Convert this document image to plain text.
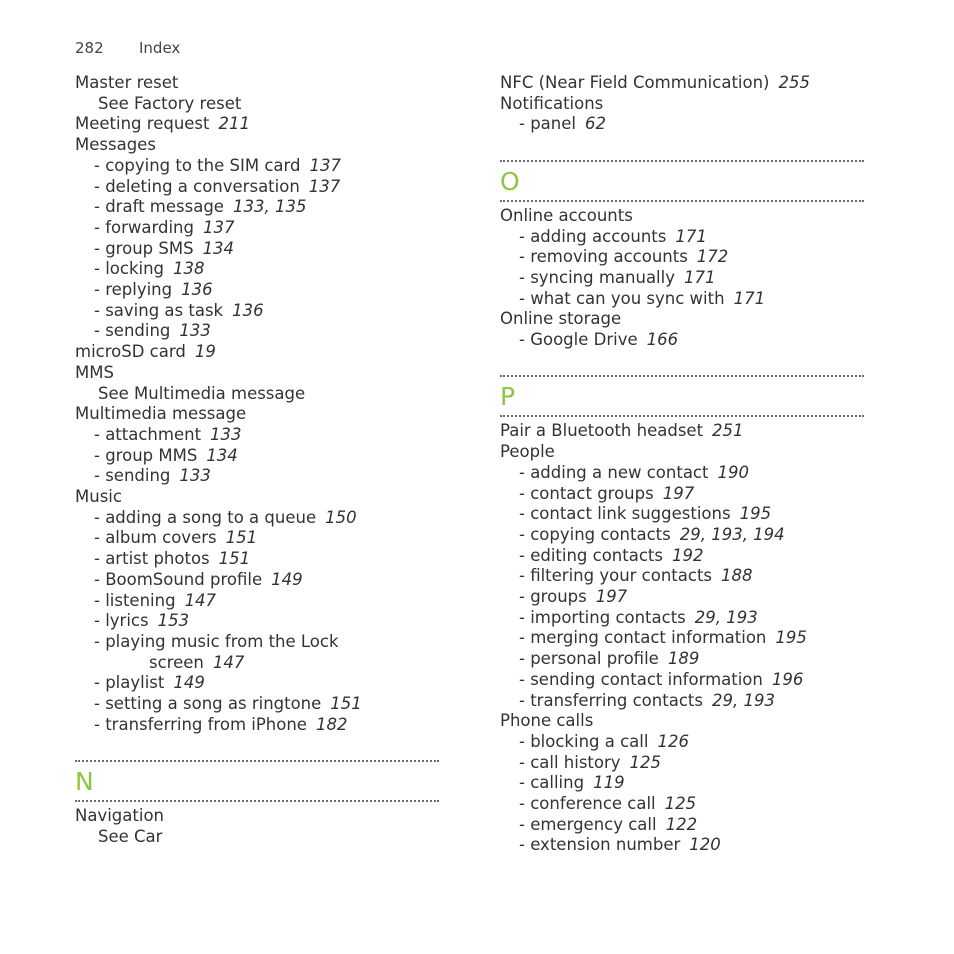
282 Index
Master reset
See Factory reset
Meeting request 211
Messages
- copying to the SIM card 137
- deleting a conversation 137
- draft message 133, 135
- forwarding 137
- group SMS 134
- locking 138
- replying 136
- saving as task 136
- sending 133
microSD card 19
MMS
See Multimedia message
Multimedia message
- attachment 133
- group MMS 134
- sending 133
Music
- adding a song to a queue 150
- album covers 151
- artist photos 151
- BoomSound profile 149
- listening 147
- lyrics 153
- playing music from the Lock
screen 147
- playlist 149
- setting a song as ringtone 151
- transferring from iPhone 182
N
Navigation
See Car
NFC (Near Field Communication) 255
Notifications
- panel 62
O
Online accounts
- adding accounts 171
- removing accounts 172
- syncing manually 171
- what can you sync with 171
Online storage
- Google Drive 166
P
Pair a Bluetooth headset 251
People
- adding a new contact 190
- contact groups 197
- contact link suggestions 195
- copying contacts 29, 193, 194
- editing contacts 192
- filtering your contacts 188
- groups 197
- importing contacts 29, 193
- merging contact information 195
- personal profile 189
- sending contact information 196
- transferring contacts 29, 193
Phone calls
- blocking a call 126
- call history 125
- calling 119
- conference call 125
- emergency call 122
- extension number 120
